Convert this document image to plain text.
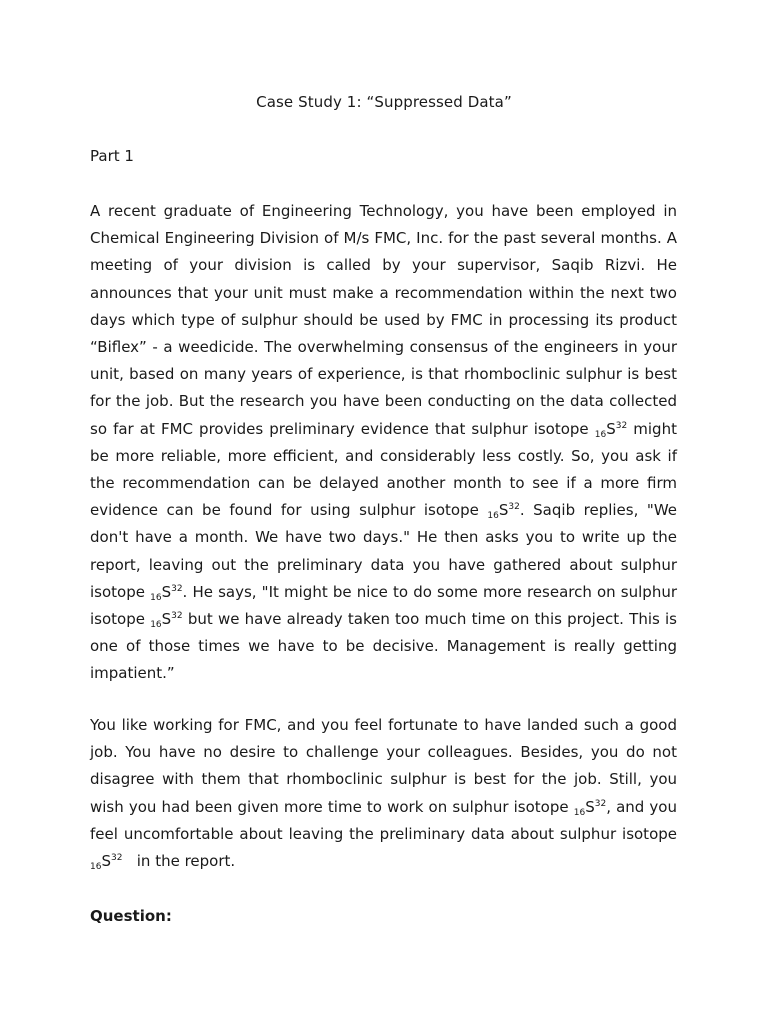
Case Study 1: “Suppressed Data”
Part 1

A recent graduate of Engineering Technology, you have been employed in Chemical Engineering Division of M/s FMC, Inc. for the past several months. A meeting of your division is called by your supervisor, Saqib Rizvi. He announces that your unit must make a recommendation within the next two days which type of sulphur should be used by FMC in processing its product “Biflex” - a weedicide. The overwhelming consensus of the engineers in your unit, based on many years of experience, is that rhomboclinic sulphur is best for the job. But the research you have been conducting on the data collected so far at FMC provides preliminary evidence that sulphur isotope $_{16}S^{32}$ might be more reliable, more efficient, and considerably less costly. So, you ask if the recommendation can be delayed another month to see if a more firm evidence can be found for using sulphur isotope $_{16}S^{32}$. Saqib replies, "We don't have a month. We have two days." He then asks you to write up the report, leaving out the preliminary data you have gathered about sulphur isotope $_{16}S^{32}$. He says, "It might be nice to do some more research on sulphur isotope $_{16}S^{32}$ but we have already taken too much time on this project. This is one of those times we have to be decisive. Management is really getting impatient.”

You like working for FMC, and you feel fortunate to have landed such a good job. You have no desire to challenge your colleagues. Besides, you do not disagree with them that rhomboclinic sulphur is best for the job. Still, you wish you had been given more time to work on sulphur isotope $_{16}S^{32}$, and you feel uncomfortable about leaving the preliminary data about sulphur isotope $_{16}S^{32}$ in the report.

Question:
